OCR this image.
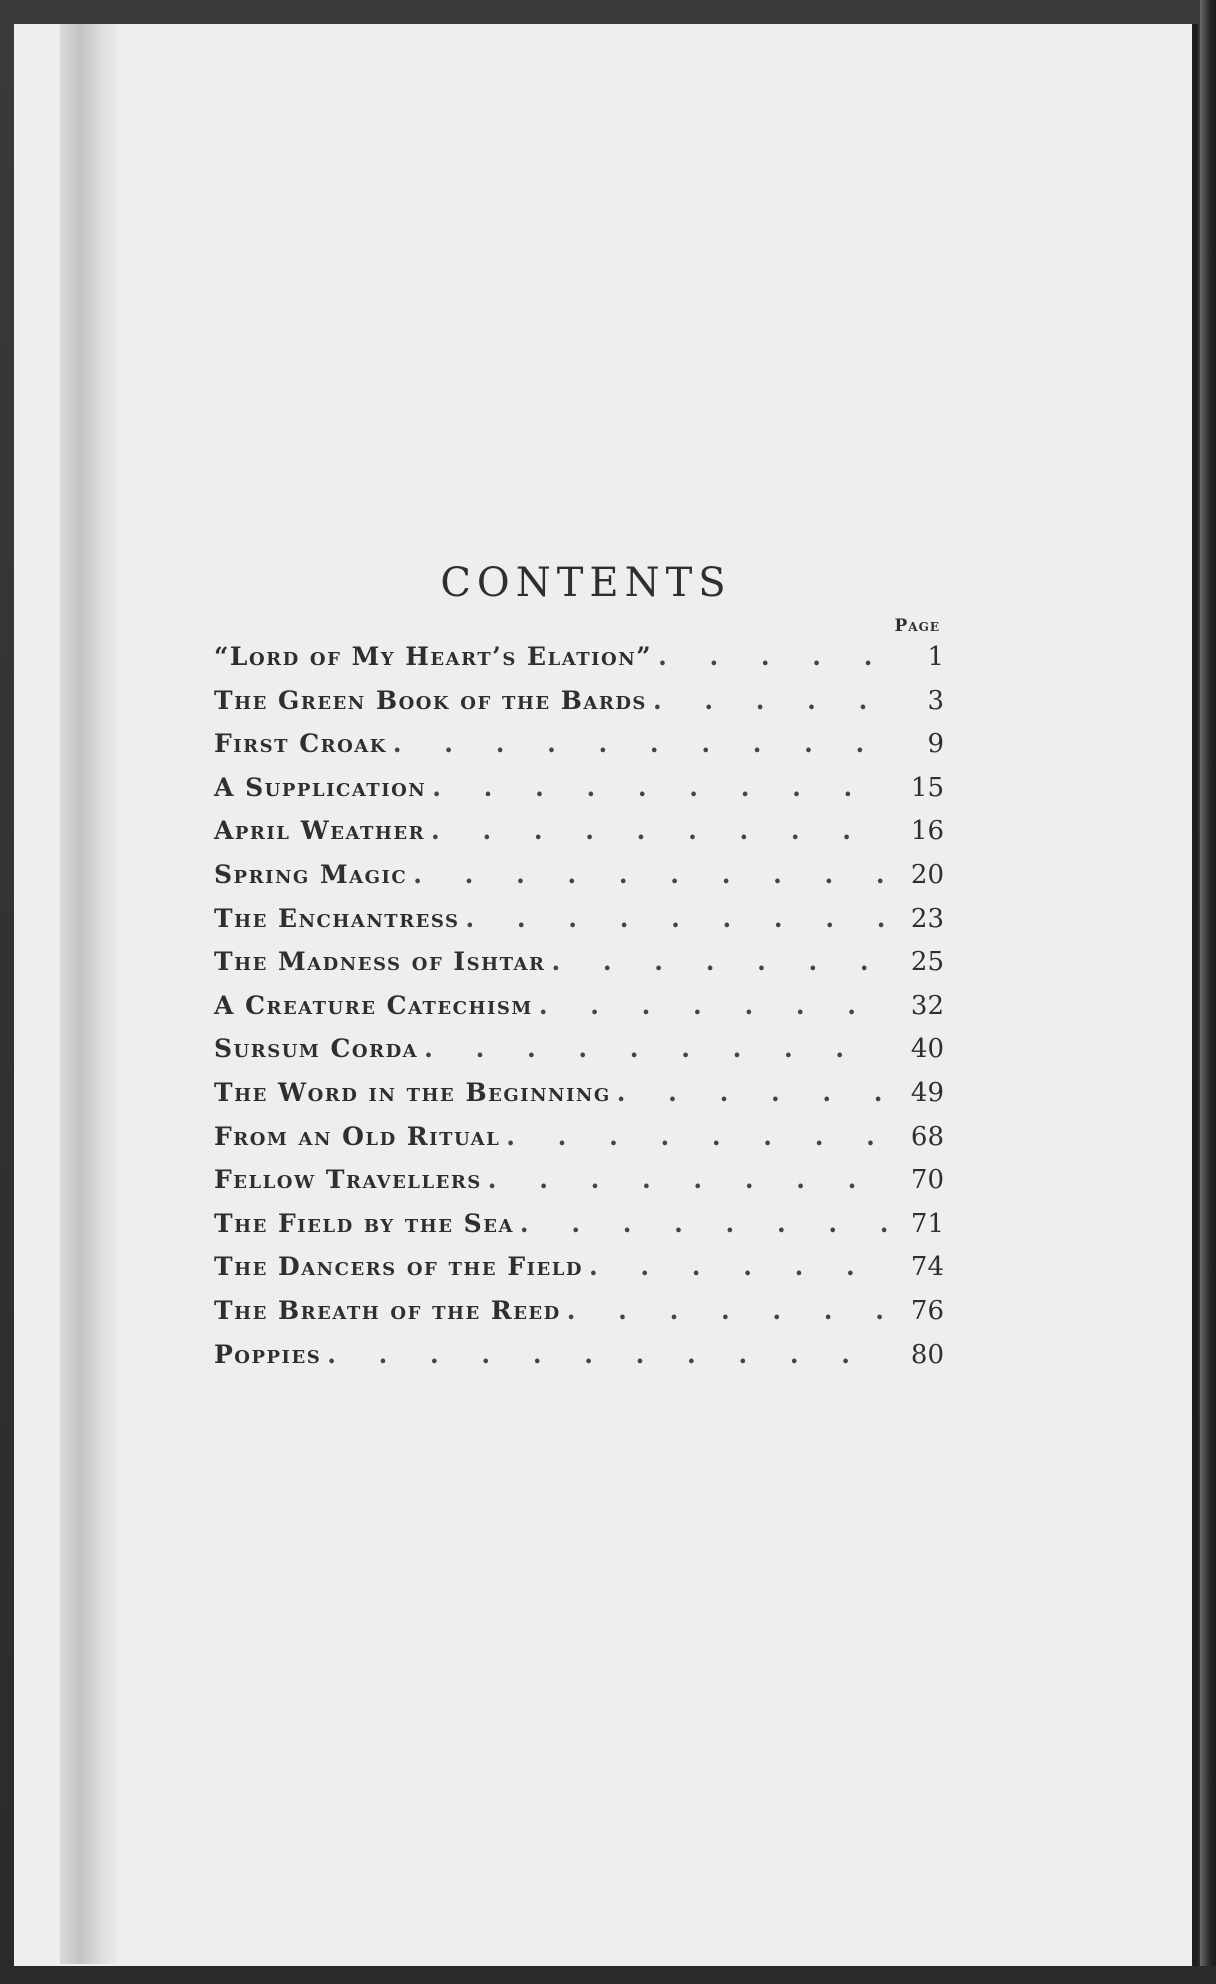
CONTENTS
Page
“Lord of My Heart’s Elation” . . .	1
The Green Book of the Bards . . .	3
First Croak . . .	9
A Supplication . . .	15
April Weather . . .	16
Spring Magic . . .	20
The Enchantress . . .	23
The Madness of Ishtar . . .	25
A Creature Catechism . . .	32
Sursum Corda . . .	40
The Word in the Beginning . . .	49
From an Old Ritual . . .	68
Fellow Travellers . . .	70
The Field by the Sea . . .	71
The Dancers of the Field . . .	74
The Breath of the Reed . . .	76
Poppies . . .	80
